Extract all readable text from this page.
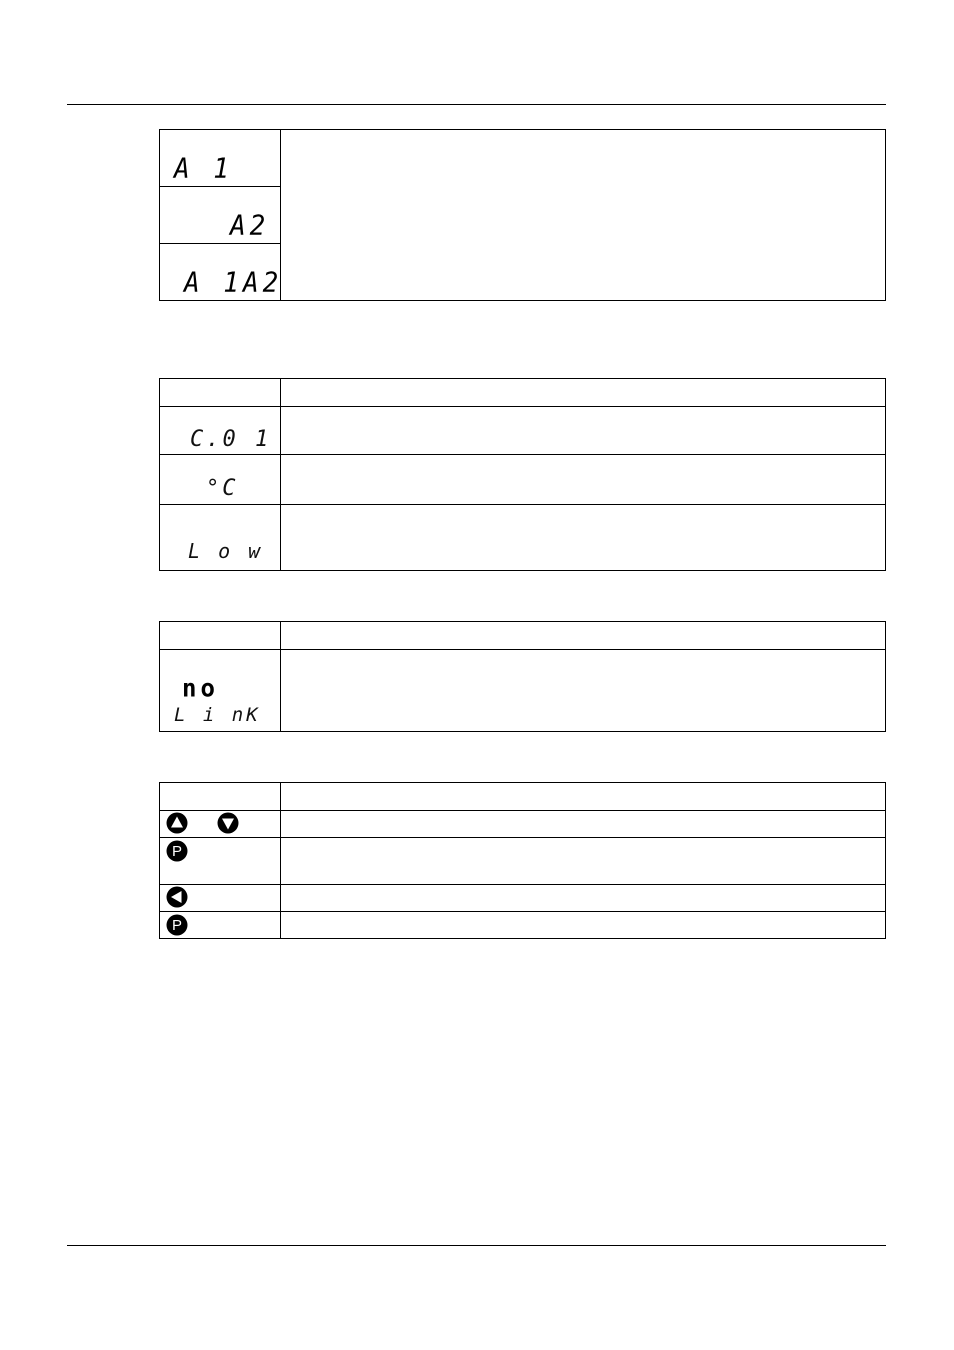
A 1
A2
A 1A2
C.0 1
°C
L o w
no
L i nK
P
P
